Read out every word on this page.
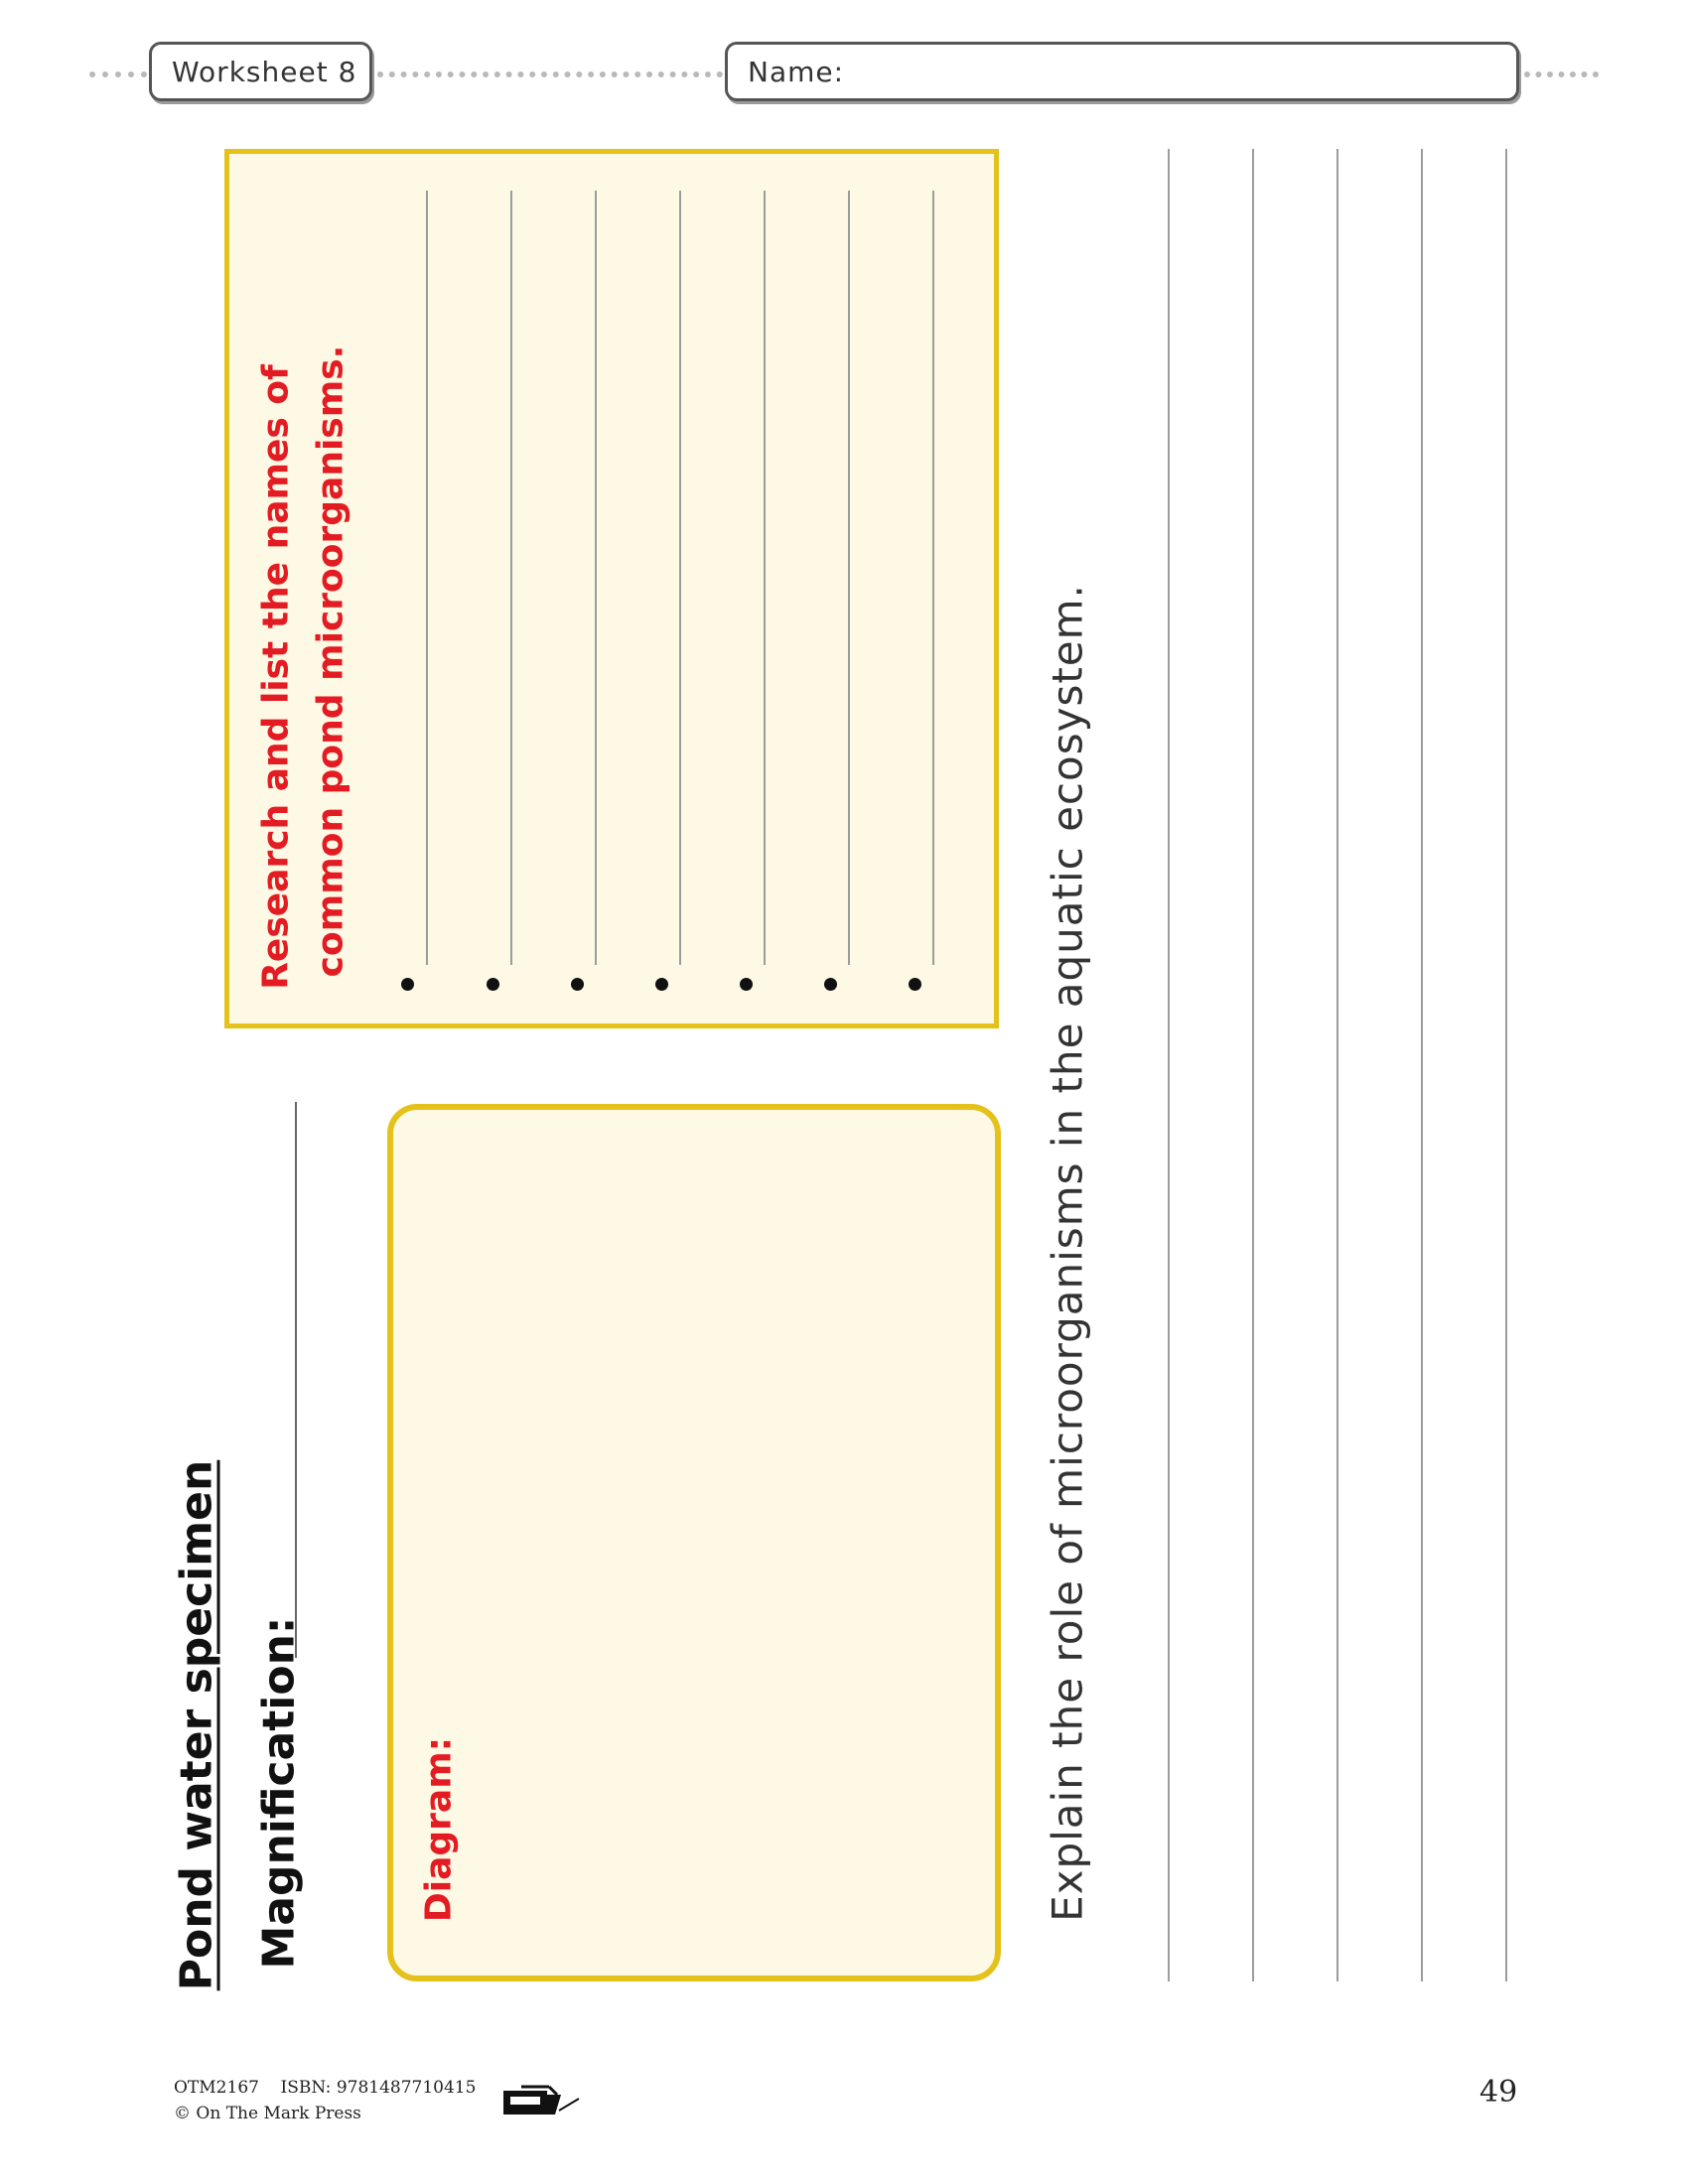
Worksheet 8	Name:
Pond water specimen Magnification:
Research and list the names of common pond microorganisms.
Diagram:	Explain the role of microorganisms in the aquatic ecosystem.
OTM2167    ISBN: 9781487710415
© On The Mark Press
49
